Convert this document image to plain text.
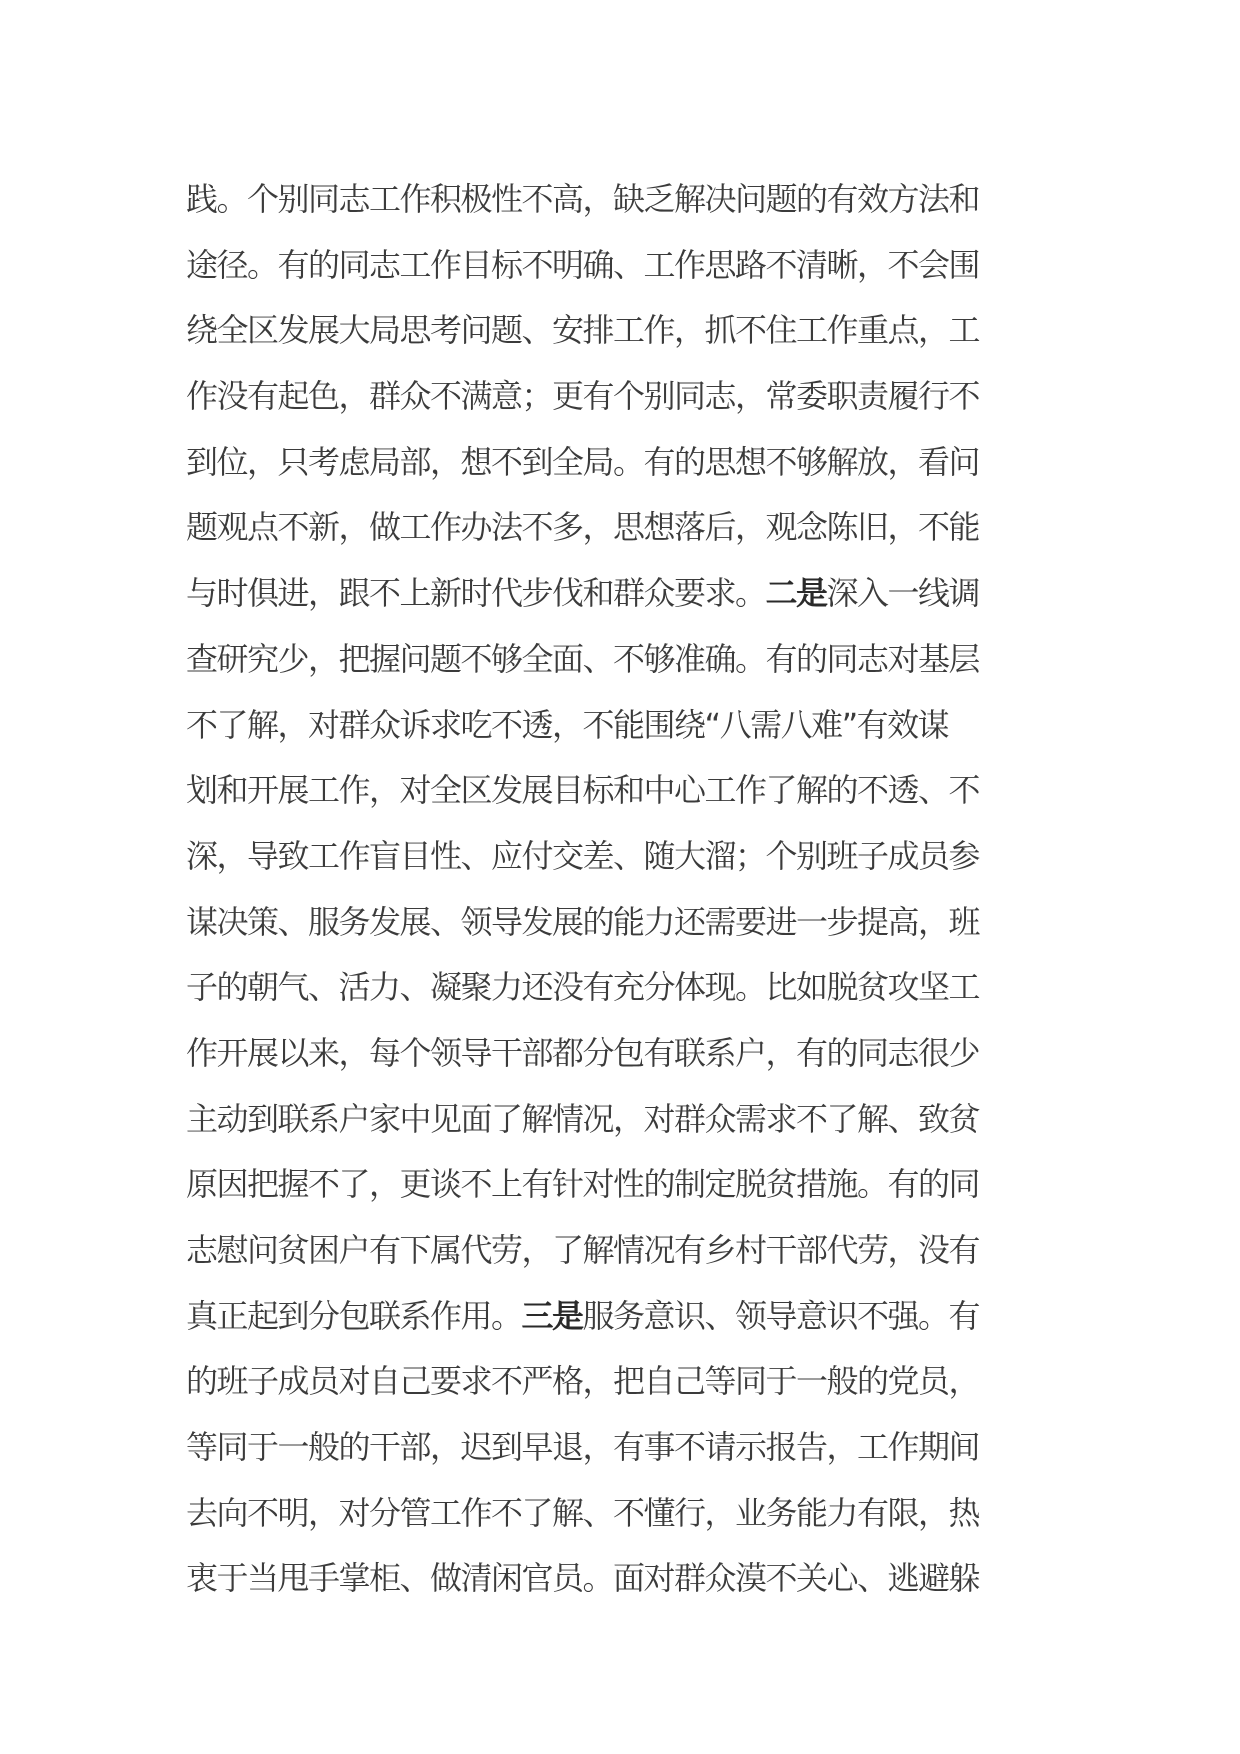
践。个别同志工作积极性不高，缺乏解决问题的有效方法和
途径。有的同志工作目标不明确、工作思路不清晰，不会围
绕全区发展大局思考问题、安排工作，抓不住工作重点，工
作没有起色，群众不满意；更有个别同志，常委职责履行不
到位，只考虑局部，想不到全局。有的思想不够解放，看问
题观点不新，做工作办法不多，思想落后，观念陈旧，不能
与时俱进，跟不上新时代步伐和群众要求。二是深入一线调
查研究少，把握问题不够全面、不够准确。有的同志对基层
不了解，对群众诉求吃不透，不能围绕“八需八难”有效谋
划和开展工作，对全区发展目标和中心工作了解的不透、不
深，导致工作盲目性、应付交差、随大溜；个别班子成员参
谋决策、服务发展、领导发展的能力还需要进一步提高，班
子的朝气、活力、凝聚力还没有充分体现。比如脱贫攻坚工
作开展以来，每个领导干部都分包有联系户，有的同志很少
主动到联系户家中见面了解情况，对群众需求不了解、致贫
原因把握不了，更谈不上有针对性的制定脱贫措施。有的同
志慰问贫困户有下属代劳，了解情况有乡村干部代劳，没有
真正起到分包联系作用。三是服务意识、领导意识不强。有
的班子成员对自己要求不严格，把自己等同于一般的党员，
等同于一般的干部，迟到早退，有事不请示报告，工作期间
去向不明，对分管工作不了解、不懂行，业务能力有限，热
衷于当甩手掌柜、做清闲官员。面对群众漠不关心、逃避躲
